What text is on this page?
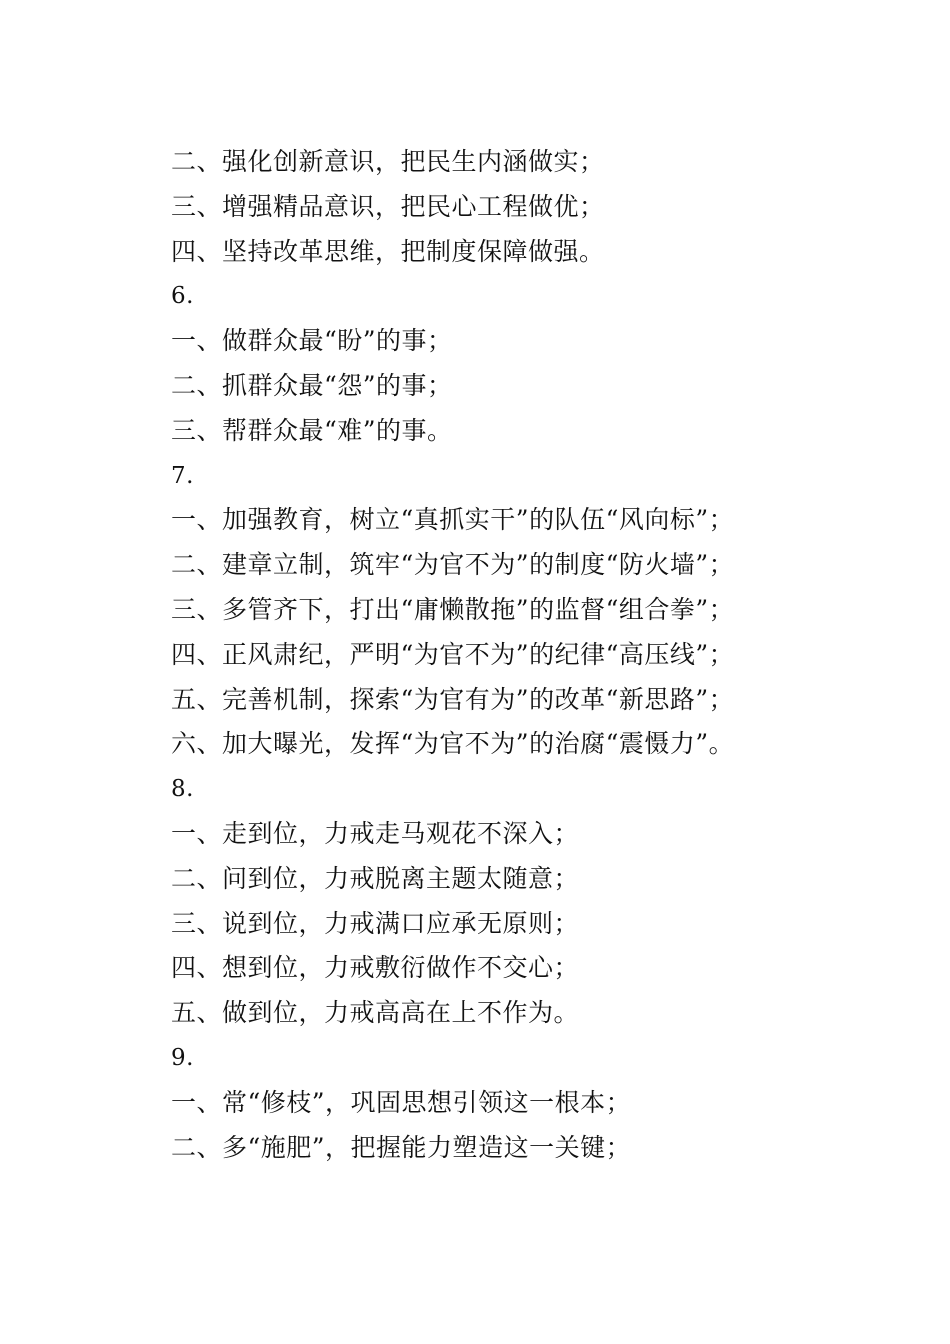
二、强化创新意识，把民生内涵做实；
三、增强精品意识，把民心工程做优；
四、坚持改革思维，把制度保障做强。
6.
一、做群众最“盼”的事；
二、抓群众最“怨”的事；
三、帮群众最“难”的事。
7.
一、加强教育，树立“真抓实干”的队伍“风向标”；
二、建章立制，筑牢“为官不为”的制度“防火墙”；
三、多管齐下，打出“庸懒散拖”的监督“组合拳”；
四、正风肃纪，严明“为官不为”的纪律“高压线”；
五、完善机制，探索“为官有为”的改革“新思路”；
六、加大曝光，发挥“为官不为”的治腐“震慑力”。
8.
一、走到位，力戒走马观花不深入；
二、问到位，力戒脱离主题太随意；
三、说到位，力戒满口应承无原则；
四、想到位，力戒敷衍做作不交心；
五、做到位，力戒高高在上不作为。
9.
一、常“修枝”，巩固思想引领这一根本；
二、多“施肥”，把握能力塑造这一关键；
